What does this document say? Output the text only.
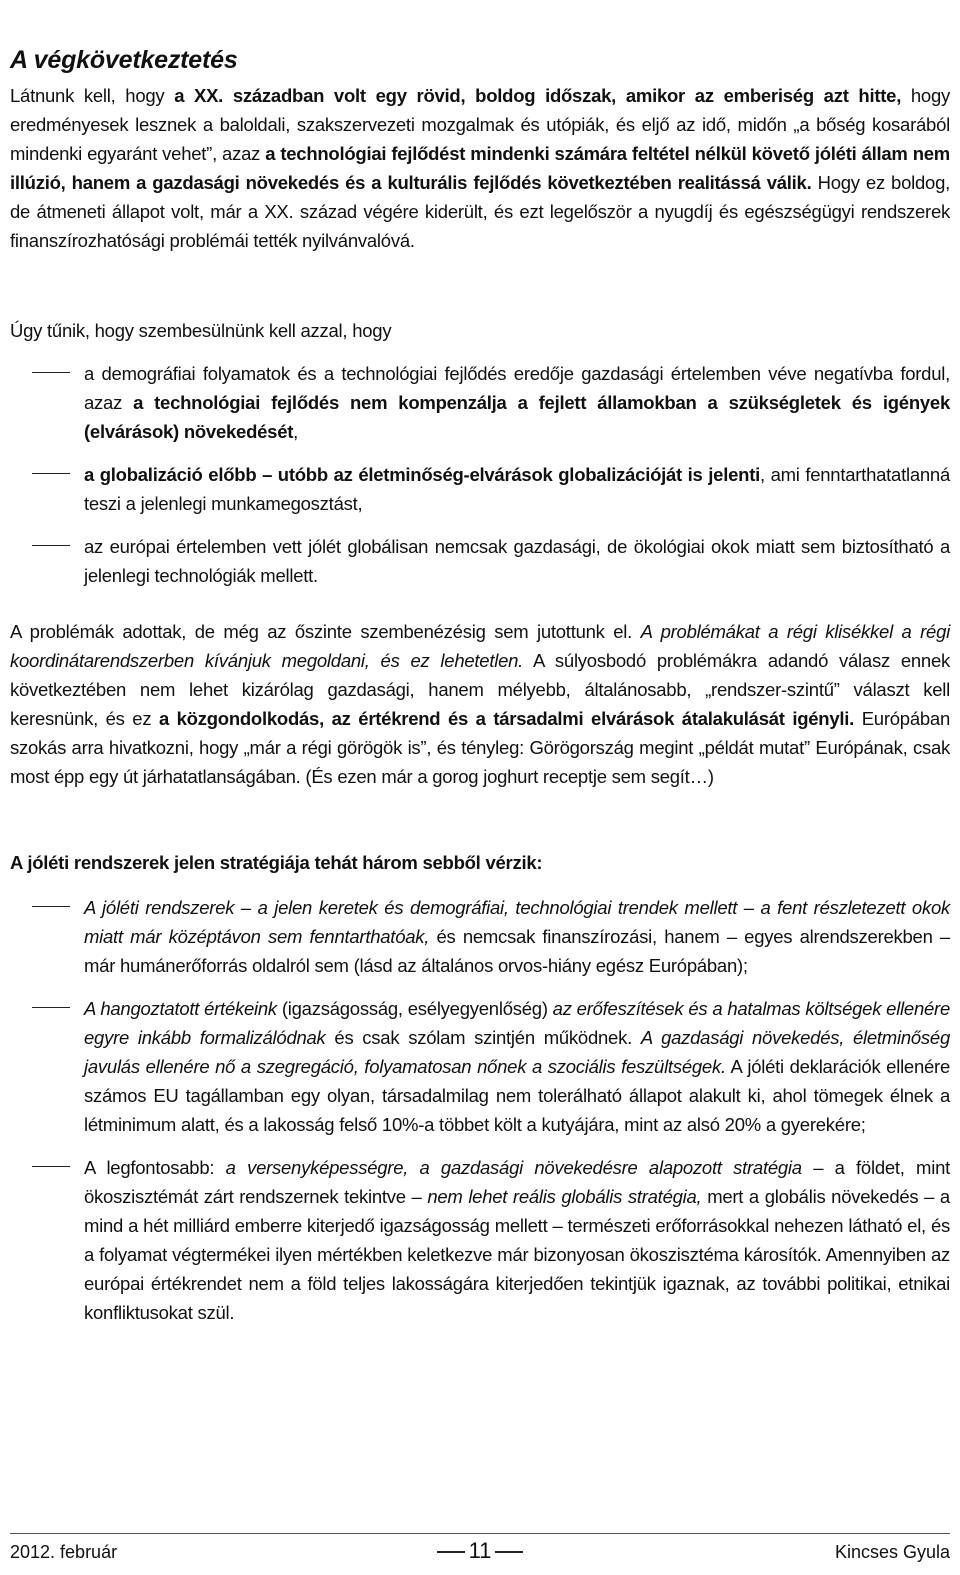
A végkövetkeztetés

Látnunk kell, hogy a XX. században volt egy rövid, boldog időszak, amikor az emberiség azt hitte, hogy eredményesek lesznek a baloldali, szakszervezeti mozgalmak és utópiák, és eljő az idő, midőn „a bőség kosarából mindenki egyaránt vehet”, azaz a technológiai fejlődést mindenki számára feltétel nélkül követő jóléti állam nem illúzió, hanem a gazdasági növekedés és a kulturális fejlődés következtében realitássá válik. Hogy ez boldog, de átmeneti állapot volt, már a XX. század végére kiderült, és ezt legelőször a nyugdíj és egészségügyi rendszerek finanszírozhatósági problémái tették nyilvánvalóvá.

Úgy tűnik, hogy szembesülnünk kell azzal, hogy

a demográfiai folyamatok és a technológiai fejlődés eredője gazdasági értelemben véve negatívba fordul, azaz a technológiai fejlődés nem kompenzálja a fejlett államokban a szükségletek és igények (elvárások) növekedését,
a globalizáció előbb – utóbb az életminőség-elvárások globalizációját is jelenti, ami fenntarthatatlanná teszi a jelenlegi munkamegosztást,
az európai értelemben vett jólét globálisan nemcsak gazdasági, de ökológiai okok miatt sem biztosítható a jelenlegi technológiák mellett.

A problémák adottak, de még az őszinte szembenézésig sem jutottunk el. A problémákat a régi klisékkel a régi koordinátarendszerben kívánjuk megoldani, és ez lehetetlen. A súlyosbodó problémákra adandó válasz ennek következtében nem lehet kizárólag gazdasági, hanem mélyebb, általánosabb, „rendszer-szintű” választ kell keresnünk, és ez a közgondolkodás, az értékrend és a társadalmi elvárások átalakulását igényli. Európában szokás arra hivatkozni, hogy „már a régi görögök is”, és tényleg: Görögország megint „példát mutat” Európának, csak most épp egy út járhatatlanságában. (És ezen már a gorog joghurt receptje sem segít…)

A jóléti rendszerek jelen stratégiája tehát három sebből vérzik:

A jóléti rendszerek – a jelen keretek és demográfiai, technológiai trendek mellett – a fent részletezett okok miatt már középtávon sem fenntarthatóak, és nemcsak finanszírozási, hanem – egyes alrendszerekben – már humánerőforrás oldalról sem (lásd az általános orvos-hiány egész Európában);
A hangoztatott értékeink (igazságosság, esélyegyenlőség) az erőfeszítések és a hatalmas költségek ellenére egyre inkább formalizálódnak és csak szólam szintjén működnek. A gazdasági növekedés, életminőség javulás ellenére nő a szegregáció, folyamatosan nőnek a szociális feszültségek. A jóléti deklarációk ellenére számos EU tagállamban egy olyan, társadalmilag nem tolerálható állapot alakult ki, ahol tömegek élnek a létminimum alatt, és a lakosság felső 10%-a többet költ a kutyájára, mint az alsó 20% a gyerekére;
A legfontosabb: a versenyképességre, a gazdasági növekedésre alapozott stratégia – a földet, mint ökoszisztémát zárt rendszernek tekintve – nem lehet reális globális stratégia, mert a globális növekedés – a mind a hét milliárd emberre kiterjedő igazságosság mellett – természeti erőforrásokkal nehezen látható el, és a folyamat végtermékei ilyen mértékben keletkezve már bizonyosan ökoszisztéma károsítók. Amennyiben az európai értékrendet nem a föld teljes lakosságára kiterjedően tekintjük igaznak, az további politikai, etnikai konfliktusokat szül.
2012. február	11	Kincses Gyula
